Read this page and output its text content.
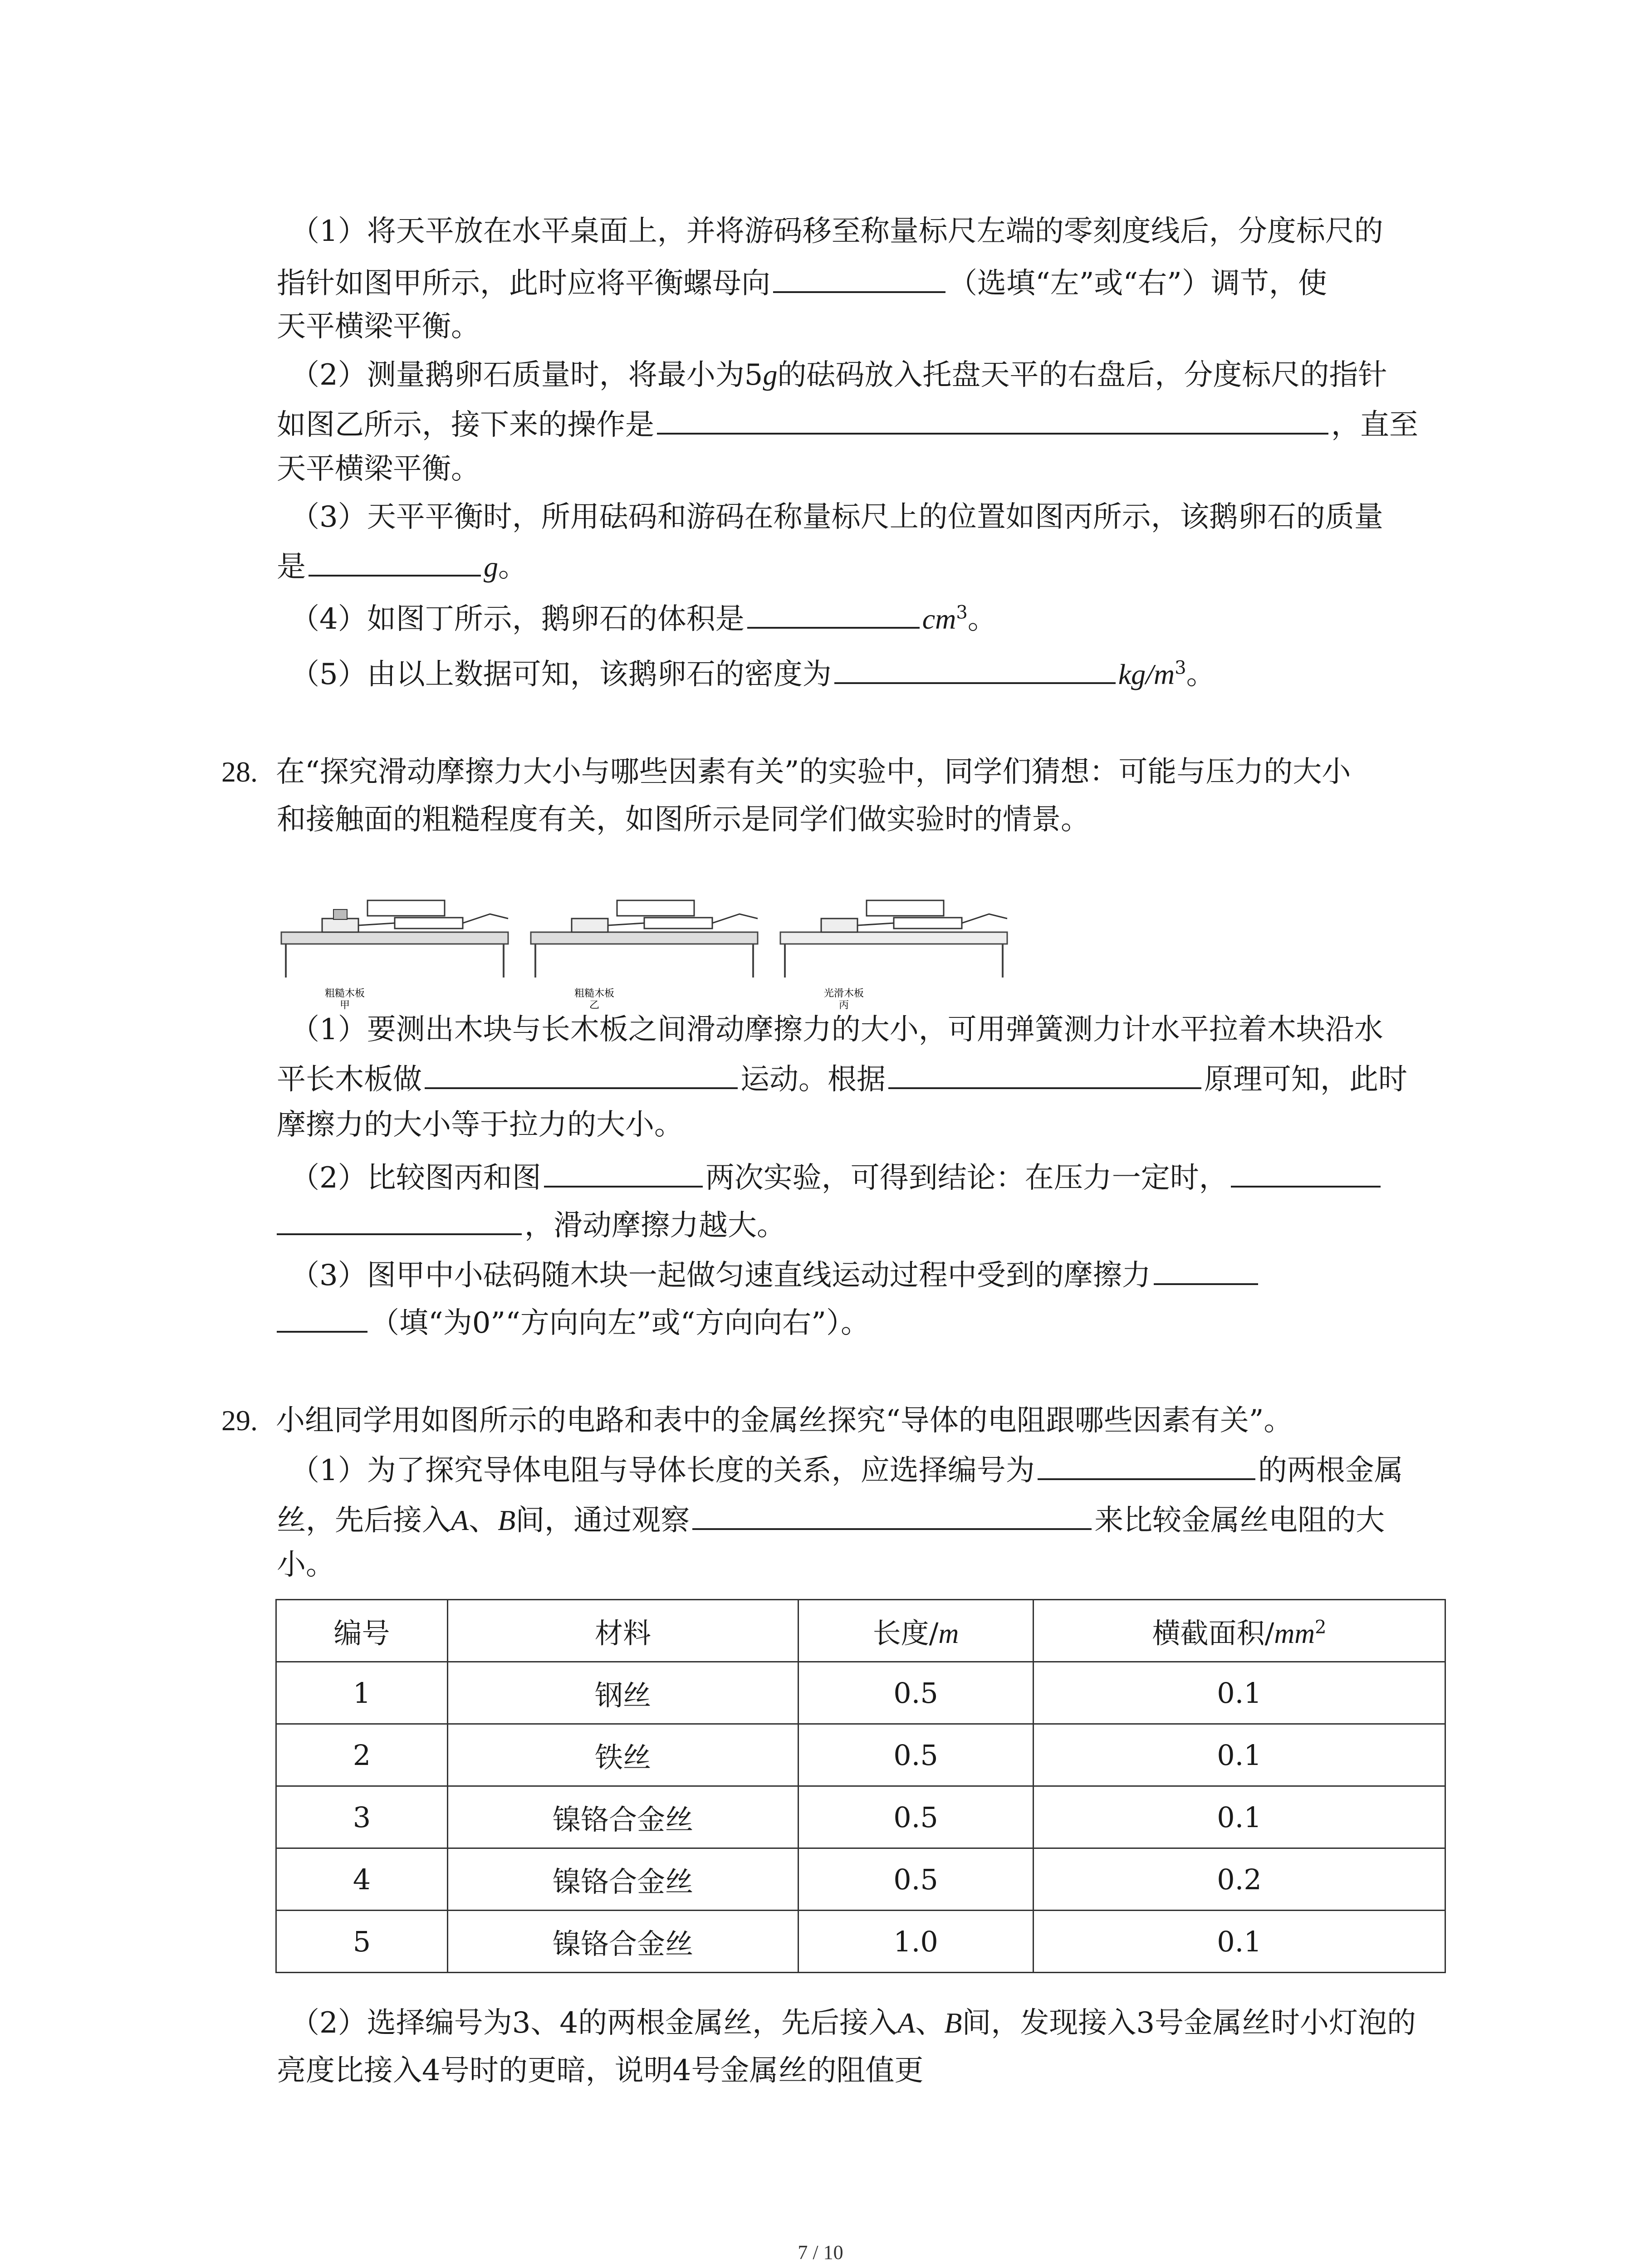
（1）将天平放在水平桌面上，并将游码移至称量标尺左端的零刻度线后，分度标尺的
指针如图甲所示，此时应将平衡螺母向	（选填“左”或“右”）调节，使
天平横梁平衡。
（2）测量鹅卵石质量时，将最小为5g的砝码放入托盘天平的右盘后，分度标尺的指针
如图乙所示，接下来的操作是	，直至
天平横梁平衡。
（3）天平平衡时，所用砝码和游码在称量标尺上的位置如图丙所示，该鹅卵石的质量
是	g。
（4）如图丁所示，鹅卵石的体积是	$cm^3$。
（5）由以上数据可知，该鹅卵石的密度为	$kg/m^3$。
28. 在“探究滑动摩擦力大小与哪些因素有关”的实验中，同学们猜想：可能与压力的大小
和接触面的粗糙程度有关，如图所示是同学们做实验时的情景。
粗糙木板
甲
粗糙木板
乙
光滑木板
丙
（1）要测出木块与长木板之间滑动摩擦力的大小，可用弹簧测力计水平拉着木块沿水
平长木板做	运动。根据	原理可知，此时
摩擦力的大小等于拉力的大小。
（2）比较图丙和图	两次实验，可得到结论：在压力一定时，
，滑动摩擦力越大。
（3）图甲中小砝码随木块一起做匀速直线运动过程中受到的摩擦力
（填“为0”“方向向左”或“方向向右”）。
29. 小组同学用如图所示的电路和表中的金属丝探究“导体的电阻跟哪些因素有关”。
（1）为了探究导体电阻与导体长度的关系，应选择编号为	的两根金属
丝，先后接入A、B间，通过观察	来比较金属丝电阻的大
小。
编号	材料	长度/m	横截面积$/mm^2$
1	钢丝	0.5	0.1
2	铁丝	0.5	0.1
3	镍铬合金丝	0.5	0.1
4	镍铬合金丝	0.5	0.2
5	镍铬合金丝	1.0	0.1
（2）选择编号为3、4的两根金属丝，先后接入A、B间，发现接入3号金属丝时小灯泡的
亮度比接入4号时的更暗，说明4号金属丝的阻值更
7 / 10
